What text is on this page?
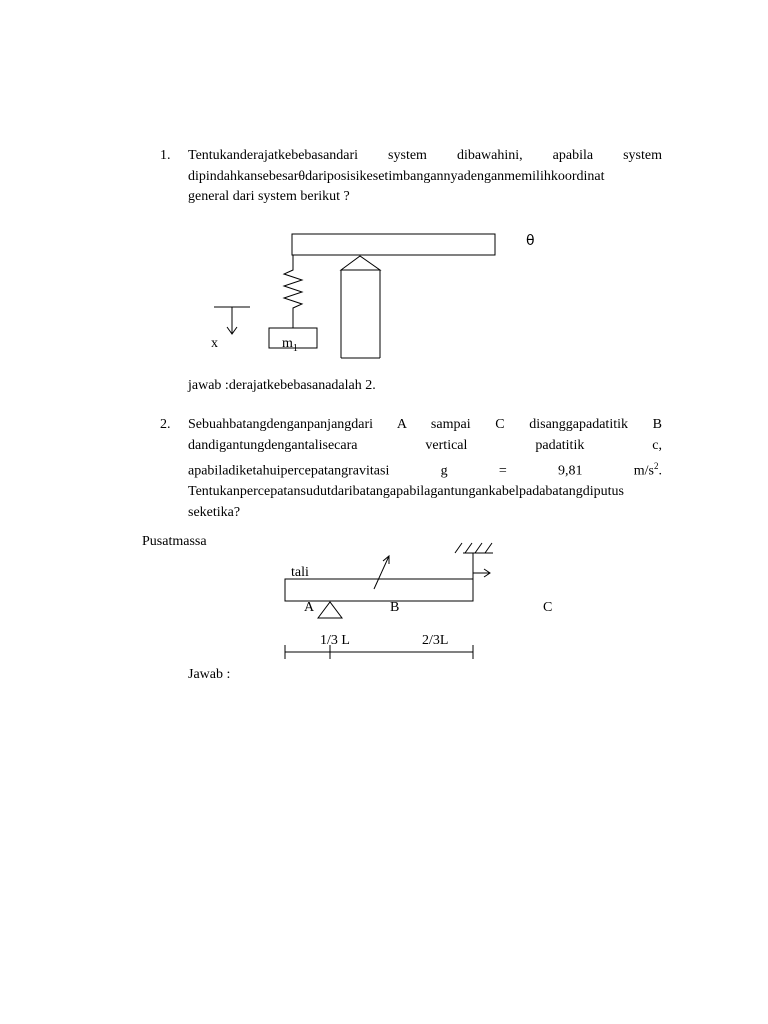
1. Tentukanderajatkebebasandari system dibawahini, apabila system
dipindahkansebesarθdariposisikesetimbangannyadenganmemilihkoordinat
general dari system berikut ?
θ
x	$m_1$
jawab :derajatkebebasanadalah 2.
2. Sebuahbatangdenganpanjangdari A sampai C disanggapadatitik B
dandigantungdengantalisecara vertical padatitik c,
apabiladiketahuipercepatangravitasi g = 9,81 $m/s^2$.
Tentukanpercepatansudutdaribatangapabilagantungankabelpadabatangdiputus
seketika?
Pusatmassa
tali
A	B	C
1/3 L	2/3L
Jawab :
